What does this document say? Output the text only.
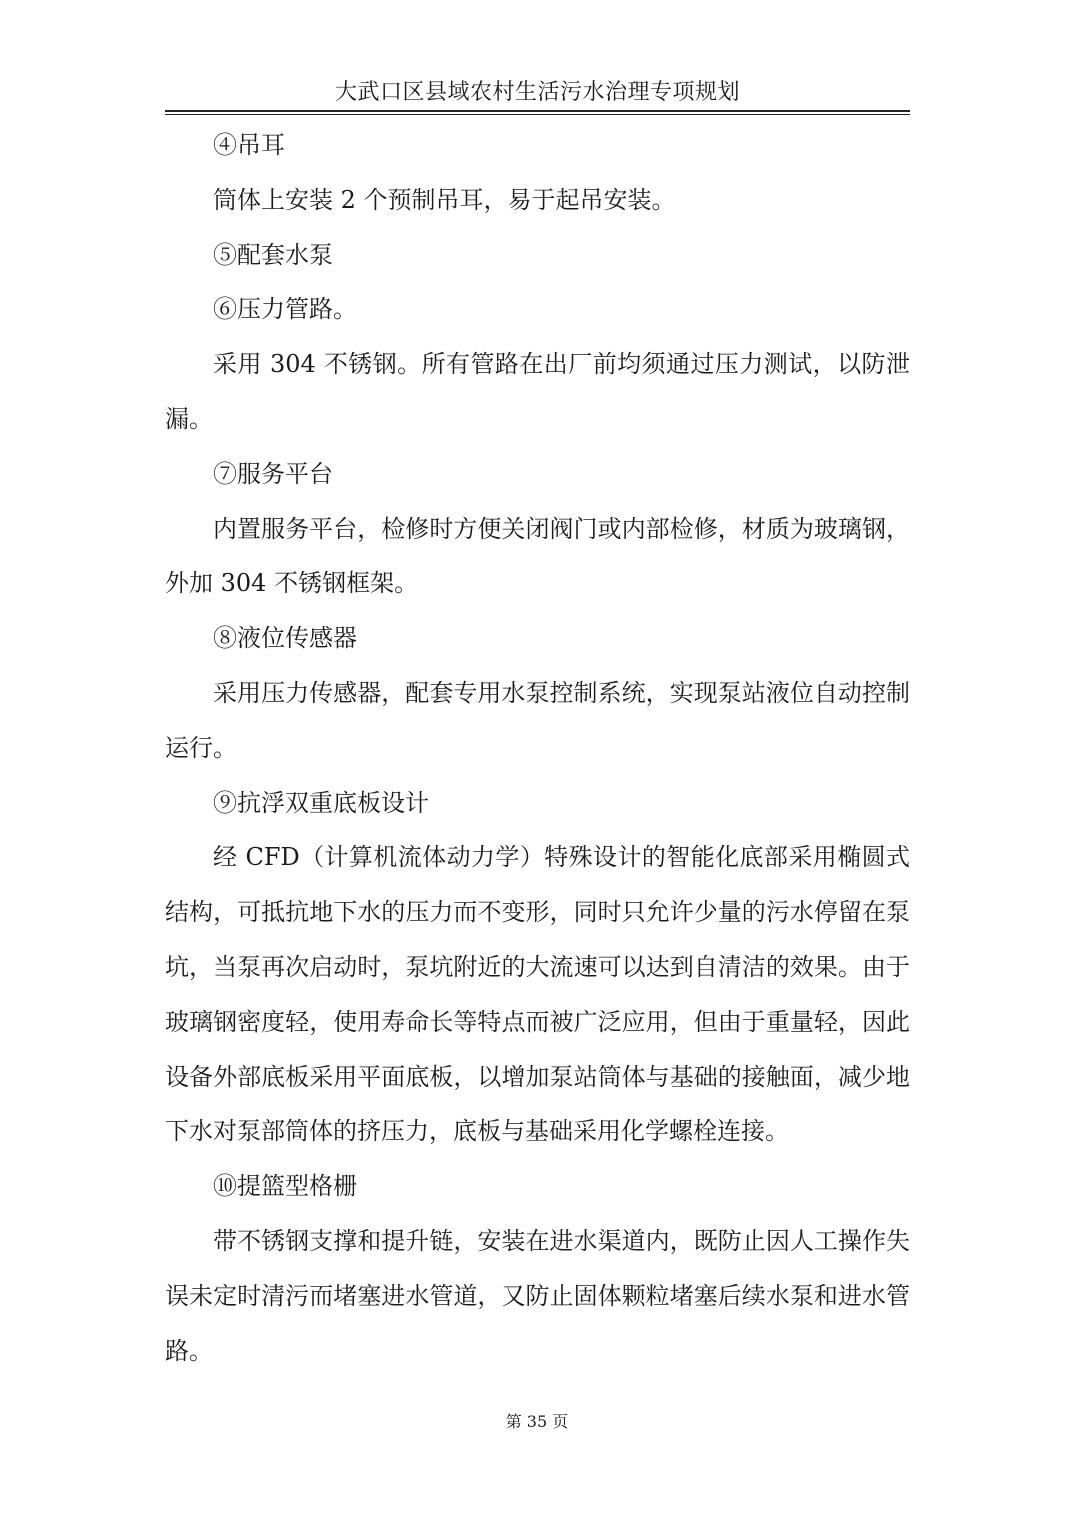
大武口区县域农村生活污水治理专项规划

④吊耳

筒体上安装 2 个预制吊耳，易于起吊安装。

⑤配套水泵

⑥压力管路。

采用 304 不锈钢。所有管路在出厂前均须通过压力测试，以防泄漏。

⑦服务平台

内置服务平台，检修时方便关闭阀门或内部检修，材质为玻璃钢，外加 304 不锈钢框架。

⑧液位传感器

采用压力传感器，配套专用水泵控制系统，实现泵站液位自动控制运行。

⑨抗浮双重底板设计

经 CFD（计算机流体动力学）特殊设计的智能化底部采用椭圆式结构，可抵抗地下水的压力而不变形，同时只允许少量的污水停留在泵坑，当泵再次启动时，泵坑附近的大流速可以达到自清洁的效果。由于玻璃钢密度轻，使用寿命长等特点而被广泛应用，但由于重量轻，因此设备外部底板采用平面底板，以增加泵站筒体与基础的接触面，减少地下水对泵部筒体的挤压力，底板与基础采用化学螺栓连接。

⑩提篮型格栅

带不锈钢支撑和提升链，安装在进水渠道内，既防止因人工操作失误未定时清污而堵塞进水管道，又防止固体颗粒堵塞后续水泵和进水管路。

第 35 页
